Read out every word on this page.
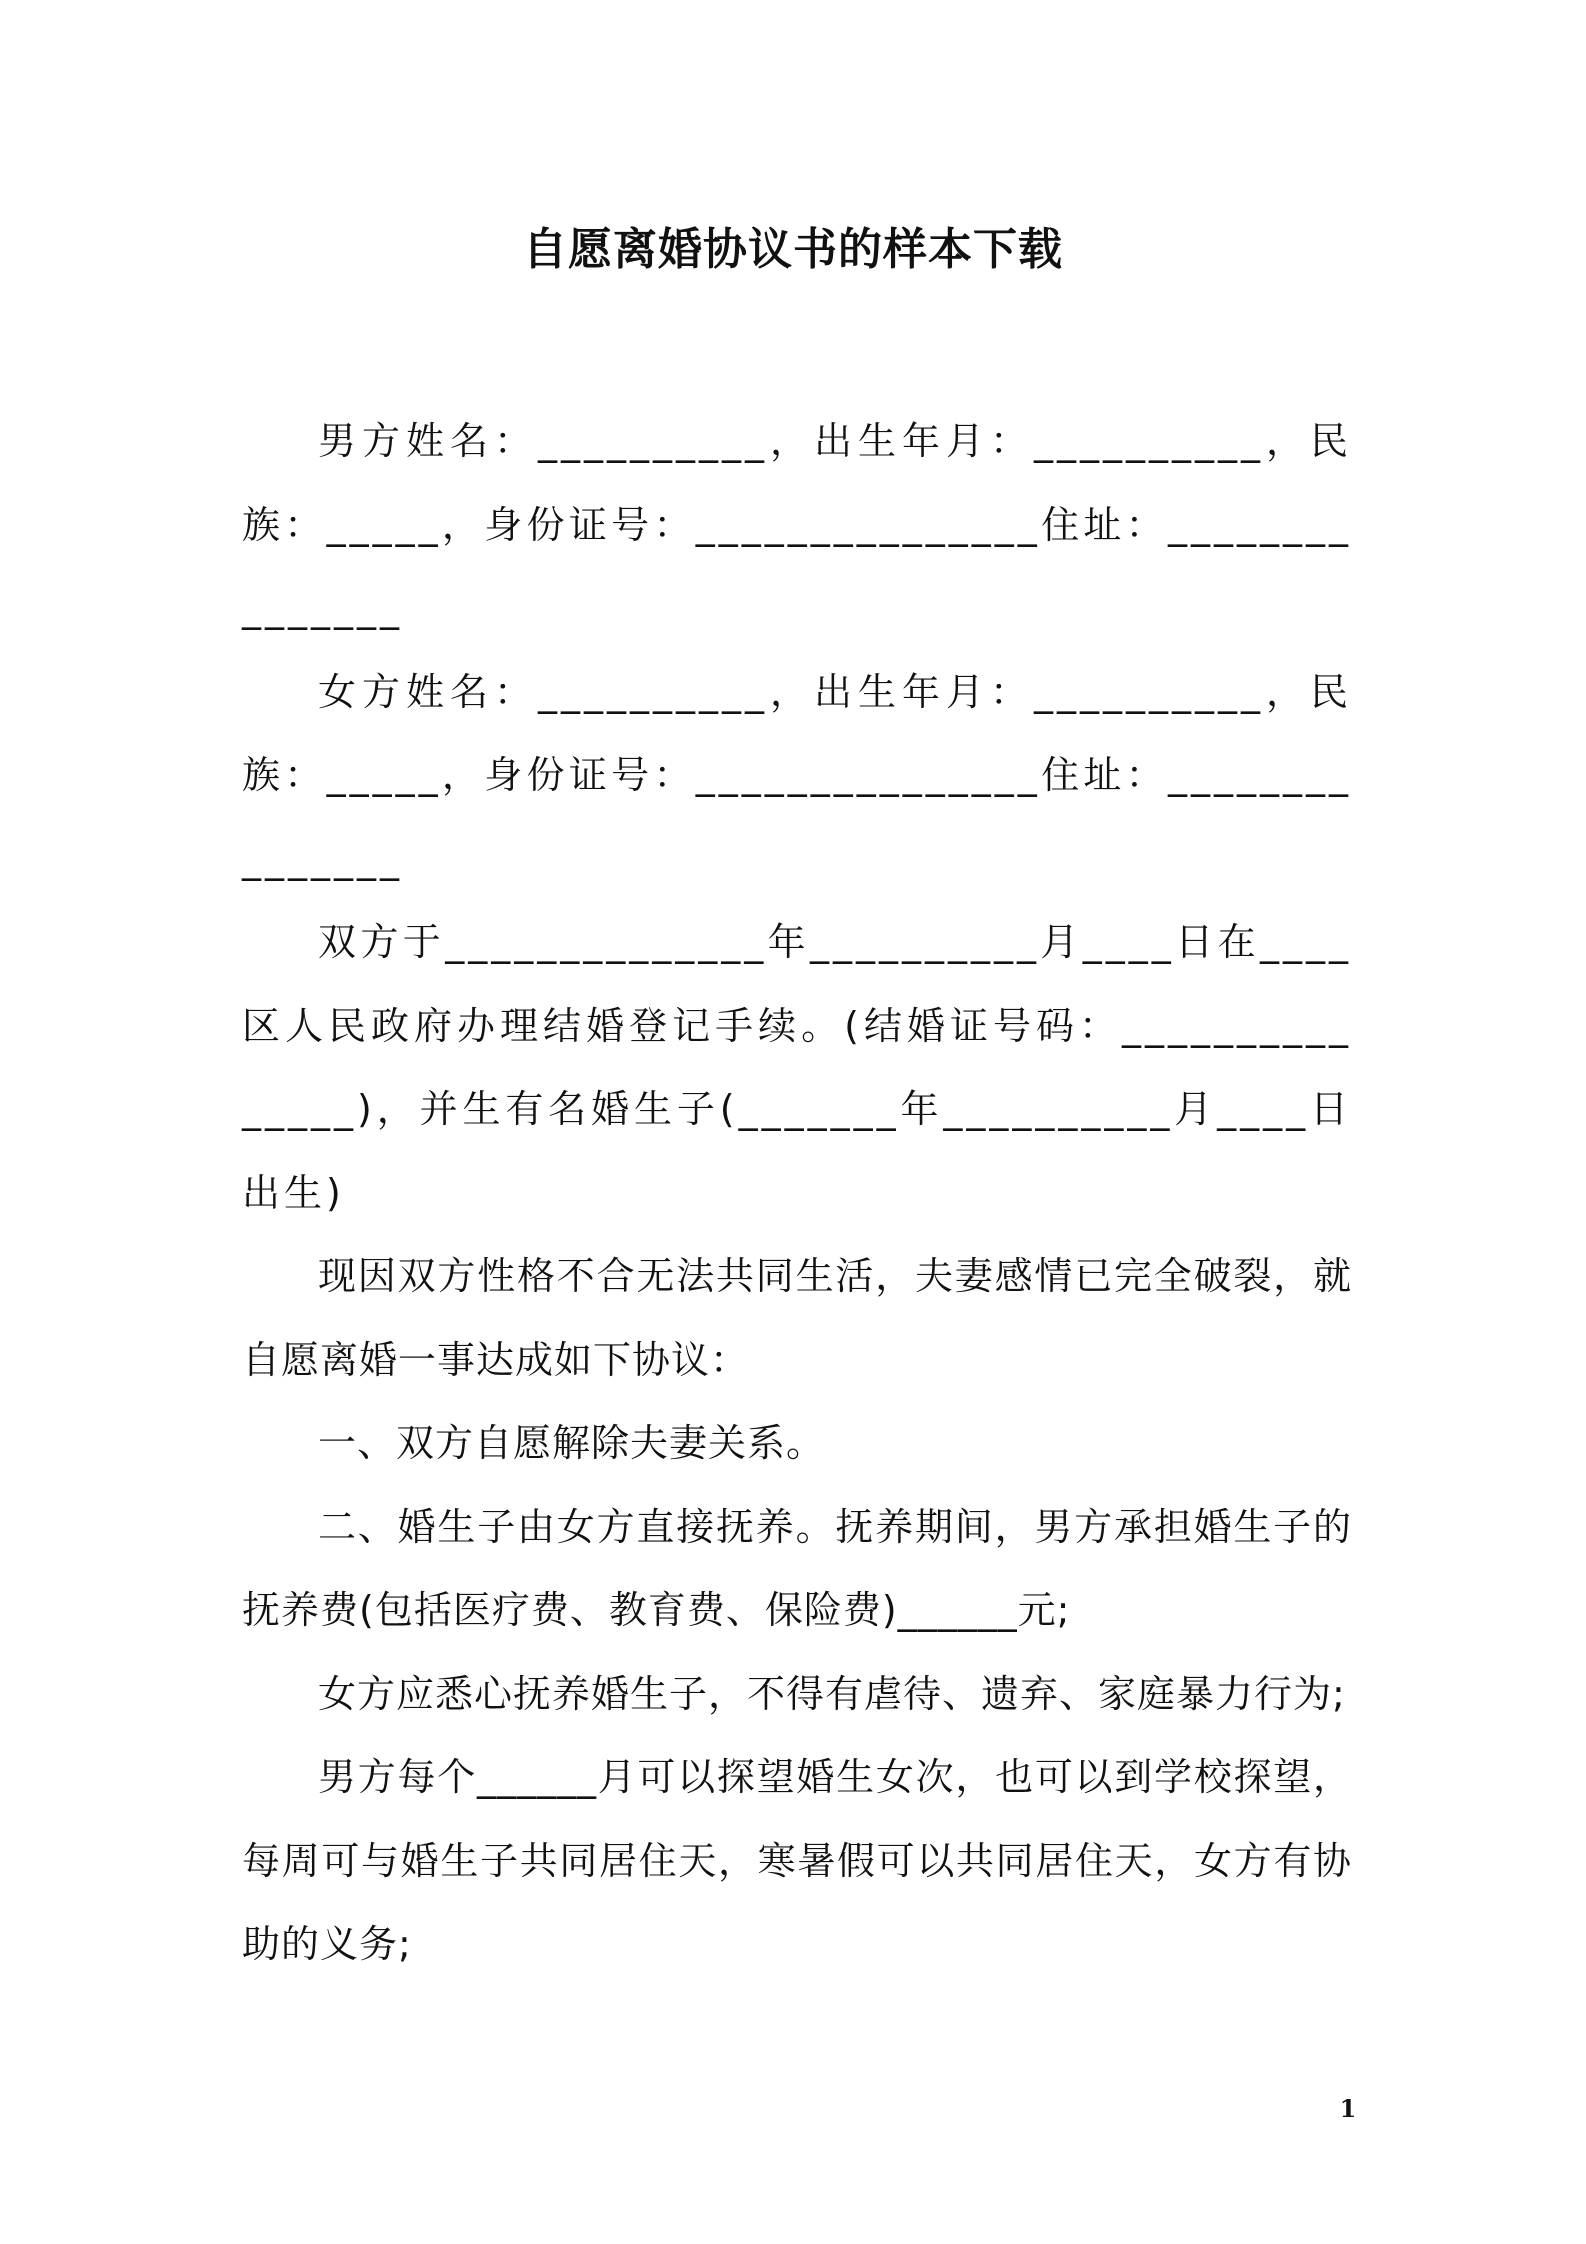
自愿离婚协议书的样本下载

男方姓名：__________，出生年月：__________，民族：_____，身份证号：_______________住址：_______________

女方姓名：__________，出生年月：__________，民族：_____，身份证号：_______________住址：_______________

双方于______________年__________月____日在____区人民政府办理结婚登记手续。(结婚证号码：_______________)，并生有名婚生子(_______年__________月____日出生)

现因双方性格不合无法共同生活，夫妻感情已完全破裂，就自愿离婚一事达成如下协议：

一、双方自愿解除夫妻关系。

二、婚生子由女方直接抚养。抚养期间，男方承担婚生子的抚养费(包括医疗费、教育费、保险费)______元;

女方应悉心抚养婚生子，不得有虐待、遗弃、家庭暴力行为;

男方每个______月可以探望婚生女次，也可以到学校探望，每周可与婚生子共同居住天，寒暑假可以共同居住天，女方有协助的义务;

1
